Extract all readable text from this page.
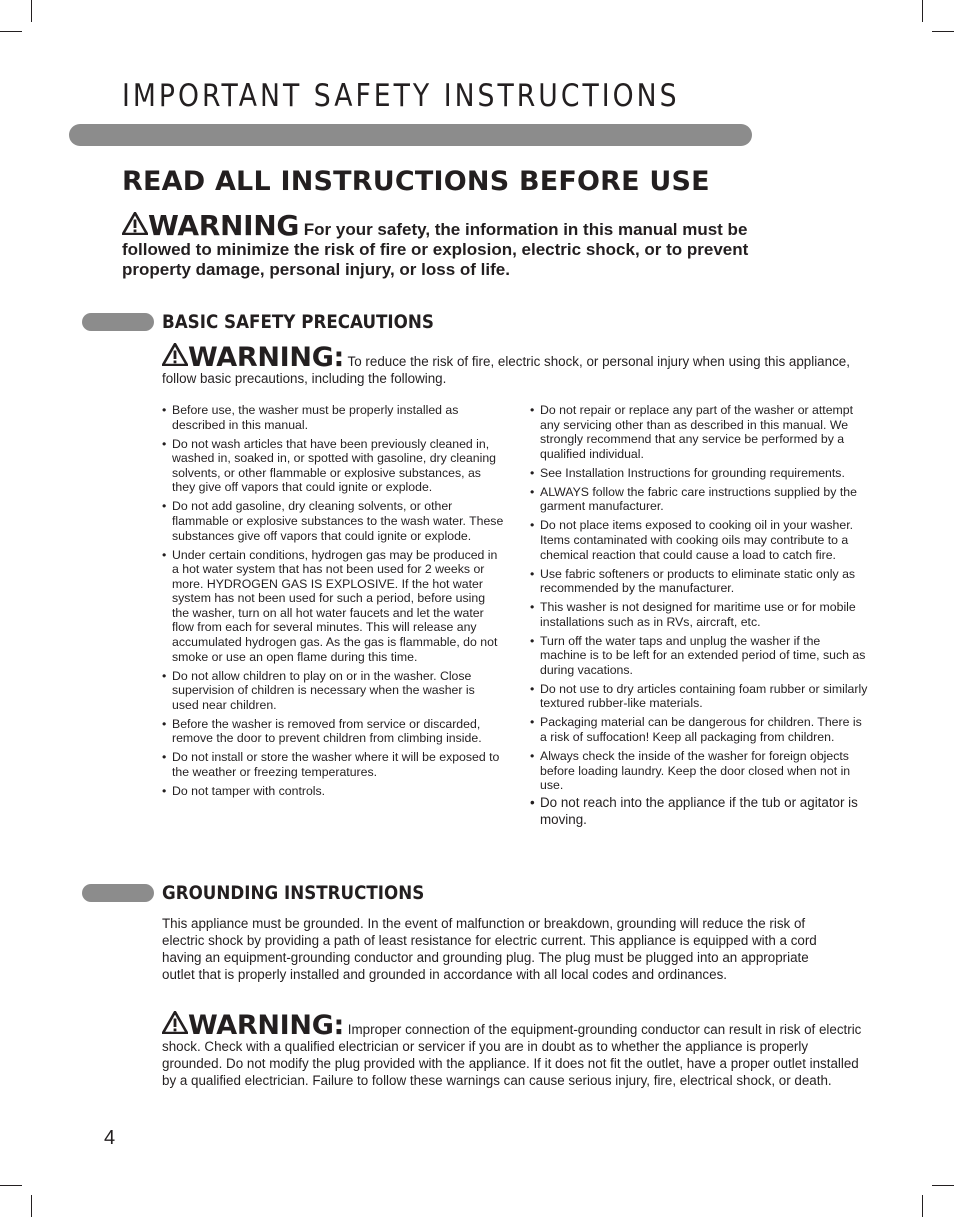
IMPORTANT SAFETY INSTRUCTIONS
READ ALL INSTRUCTIONS BEFORE USE

WARNING For your safety, the information in this manual must be followed to minimize the risk of fire or explosion, electric shock, or to prevent property damage, personal injury, or loss of life.

BASIC SAFETY PRECAUTIONS

WARNING: To reduce the risk of fire, electric shock, or personal injury when using this appliance, follow basic precautions, including the following.

• Before use, the washer must be properly installed as described in this manual.
• Do not wash articles that have been previously cleaned in, washed in, soaked in, or spotted with gasoline, dry cleaning solvents, or other flammable or explosive substances, as they give off vapors that could ignite or explode.
• Do not add gasoline, dry cleaning solvents, or other flammable or explosive substances to the wash water. These substances give off vapors that could ignite or explode.
• Under certain conditions, hydrogen gas may be produced in a hot water system that has not been used for 2 weeks or more. HYDROGEN GAS IS EXPLOSIVE. If the hot water system has not been used for such a period, before using the washer, turn on all hot water faucets and let the water flow from each for several minutes. This will release any accumulated hydrogen gas. As the gas is flammable, do not smoke or use an open flame during this time.
• Do not allow children to play on or in the washer. Close supervision of children is necessary when the washer is used near children.
• Before the washer is removed from service or discarded, remove the door to prevent children from climbing inside.
• Do not install or store the washer where it will be exposed to the weather or freezing temperatures.
• Do not tamper with controls.
• Do not repair or replace any part of the washer or attempt any servicing other than as described in this manual. We strongly recommend that any service be performed by a qualified individual.
• See Installation Instructions for grounding requirements.
• ALWAYS follow the fabric care instructions supplied by the garment manufacturer.
• Do not place items exposed to cooking oil in your washer. Items contaminated with cooking oils may contribute to a chemical reaction that could cause a load to catch fire.
• Use fabric softeners or products to eliminate static only as recommended by the manufacturer.
• This washer is not designed for maritime use or for mobile installations such as in RVs, aircraft, etc.
• Turn off the water taps and unplug the washer if the machine is to be left for an extended period of time, such as during vacations.
• Do not use to dry articles containing foam rubber or similarly textured rubber-like materials.
• Packaging material can be dangerous for children. There is a risk of suffocation! Keep all packaging from children.
• Always check the inside of the washer for foreign objects before loading laundry. Keep the door closed when not in use.
• Do not reach into the appliance if the tub or agitator is moving.
GROUNDING INSTRUCTIONS

This appliance must be grounded. In the event of malfunction or breakdown, grounding will reduce the risk of electric shock by providing a path of least resistance for electric current. This appliance is equipped with a cord having an equipment-grounding conductor and grounding plug. The plug must be plugged into an appropriate outlet that is properly installed and grounded in accordance with all local codes and ordinances.

WARNING: Improper connection of the equipment-grounding conductor can result in risk of electric shock. Check with a qualified electrician or servicer if you are in doubt as to whether the appliance is properly grounded. Do not modify the plug provided with the appliance. If it does not fit the outlet, have a proper outlet installed by a qualified electrician. Failure to follow these warnings can cause serious injury, fire, electrical shock, or death.

4
